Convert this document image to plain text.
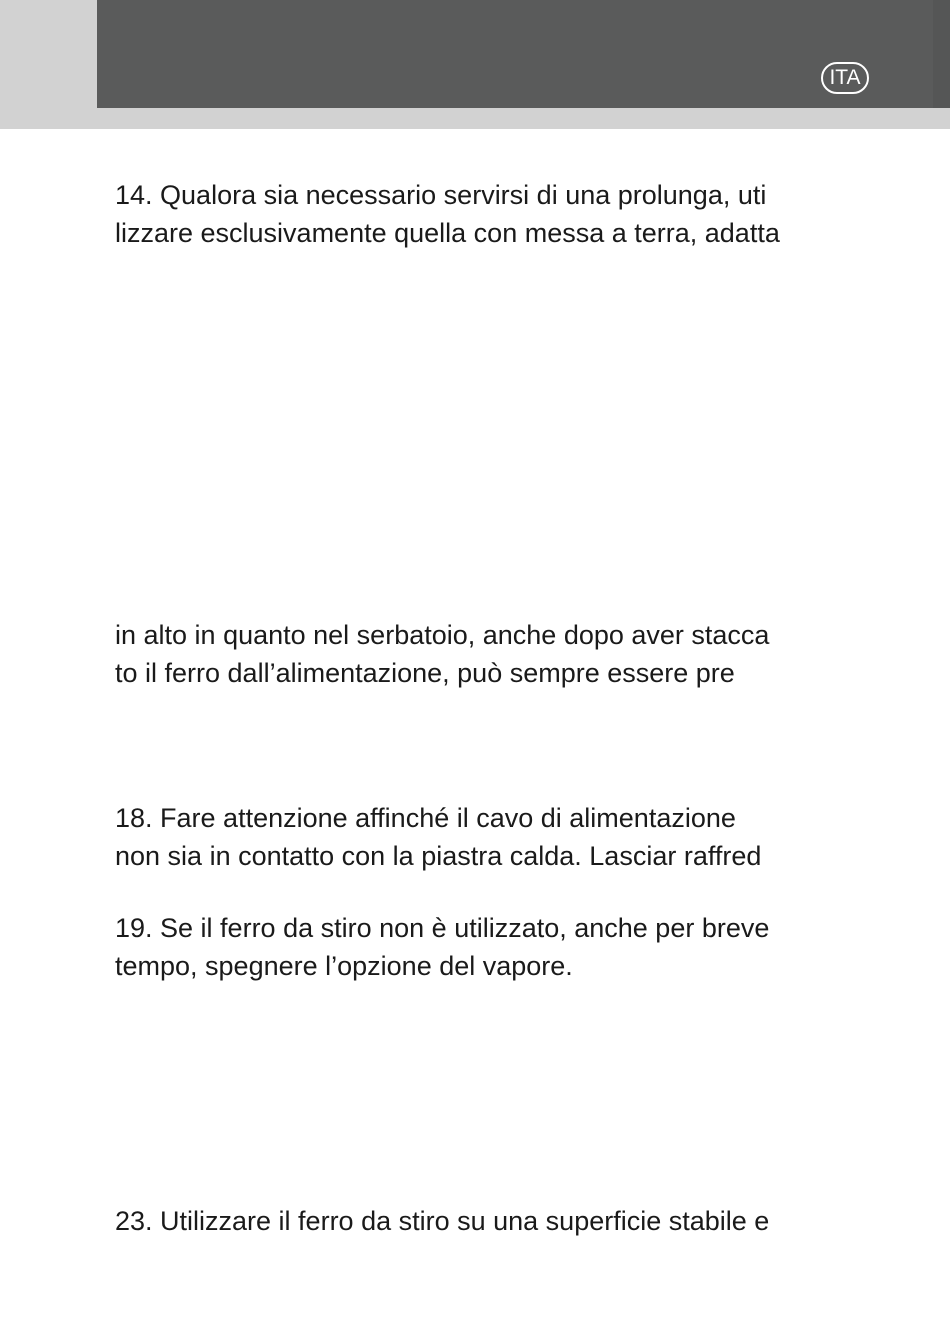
ITA

14. Qualora sia necessario servirsi di una prolunga, uti
lizzare esclusivamente quella con messa a terra, adatta

in alto in quanto nel serbatoio, anche dopo aver stacca
to il ferro dall’alimentazione, può sempre essere pre

18. Fare attenzione affinché il cavo di alimentazione
non sia in contatto con la piastra calda. Lasciar raffred

19. Se il ferro da stiro non è utilizzato, anche per breve
tempo, spegnere l’opzione del vapore.

23. Utilizzare il ferro da stiro su una superficie stabile e
